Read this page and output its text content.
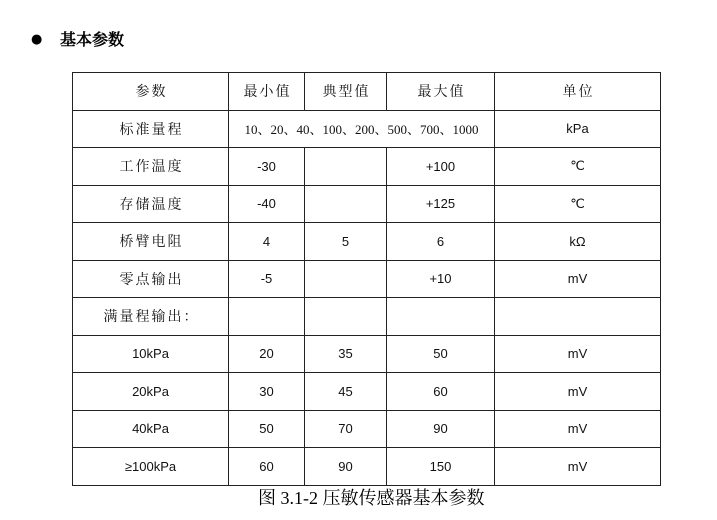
● 基本参数
参数	最小值	典型值	最大值	单位
标准量程	10、20、40、100、200、500、700、1000			kPa
工作温度	-30		+100	℃
存储温度	-40		+125	℃
桥臂电阻	4	5	6	kΩ
零点输出	-5		+10	mV
满量程输出：				
10kPa	20	35	50	mV
20kPa	30	45	60	mV
40kPa	50	70	90	mV
≥100kPa	60	90	150	mV
图 3.1-2 压敏传感器基本参数
